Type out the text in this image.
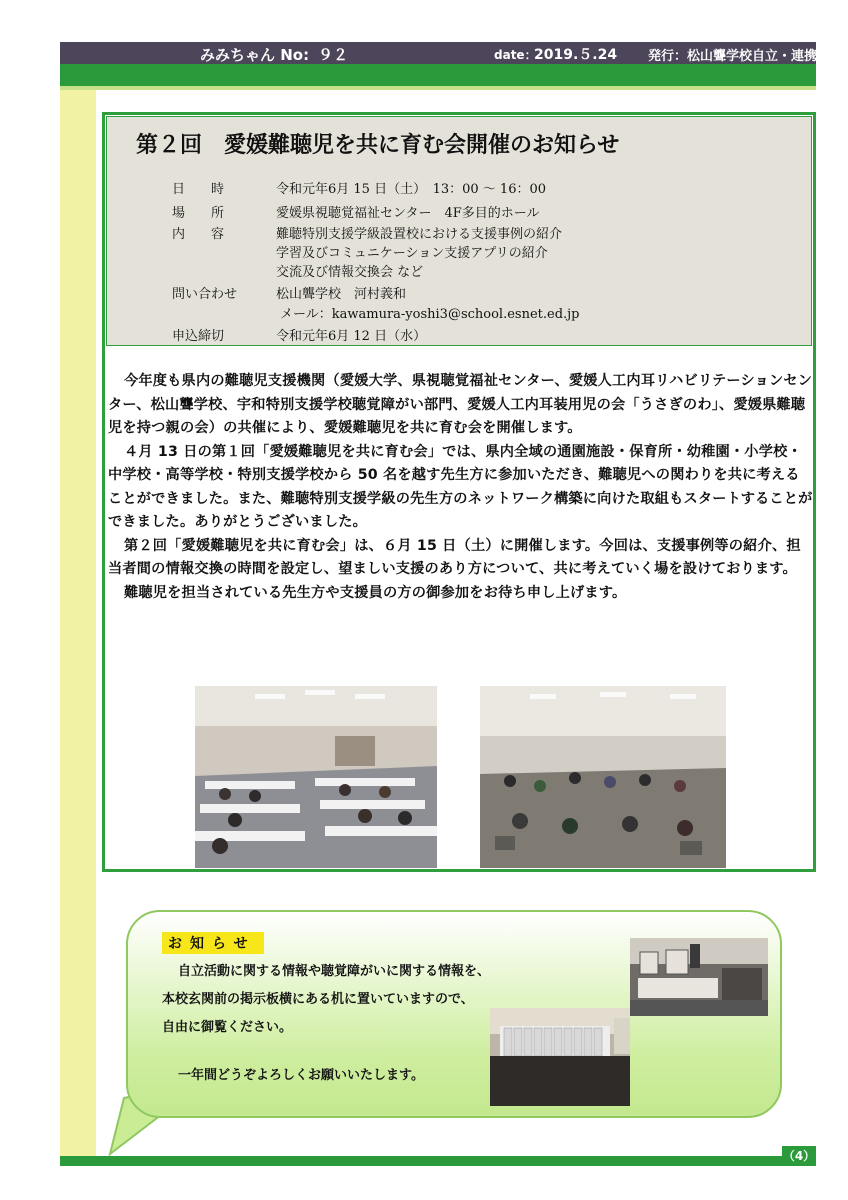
みみちゃん No: ９２	date：
2019.５.24 発行：松山聾学校自立・連携課
第２回　愛媛難聴児を共に育む会開催のお知らせ
日　　時	令和元年6月 15 日（土）　13：00 ～ 16：00
場　　所	愛媛県視聴覚福祉センター　4F多目的ホール
内　　容	難聴特別支援学級設置校における支援事例の紹介
学習及びコミュニケーション支援アプリの紹介
交流及び情報交換会 など
問い合わせ	松山聾学校　河村義和
メール：kawamura-yoshi3@school.esnet.ed.jp
申込締切	令和元年6月 12 日（水）

今年度も県内の難聴児支援機関（愛媛大学、県視聴覚福祉センター、愛媛人工内耳リハビリテーションセンター、松山聾学校、宇和特別支援学校聴覚障がい部門、愛媛人工内耳装用児の会「うさぎのわ」、愛媛県難聴児を持つ親の会）の共催により、愛媛難聴児を共に育む会を開催します。

４月 13 日の第１回「愛媛難聴児を共に育む会」では、県内全域の通園施設・保育所・幼稚園・小学校・中学校・高等学校・特別支援学校から 50 名を越す先生方に参加いただき、難聴児への関わりを共に考えることができました。また、難聴特別支援学級の先生方のネットワーク構築に向けた取組もスタートすることができました。ありがとうございました。

第２回「愛媛難聴児を共に育む会」は、６月 15 日（土）に開催します。今回は、支援事例等の紹介、担当者間の情報交換の時間を設定し、望ましい支援のあり方について、共に考えていく場を設けております。

難聴児を担当されている先生方や支援員の方の御参加をお待ち申し上げます。

お知らせ
自立活動に関する情報や聴覚障がいに関する情報を、
本校玄関前の掲示板横にある机に置いていますので、
自由に御覧ください。
一年間どうぞよろしくお願いいたします。
（4）
